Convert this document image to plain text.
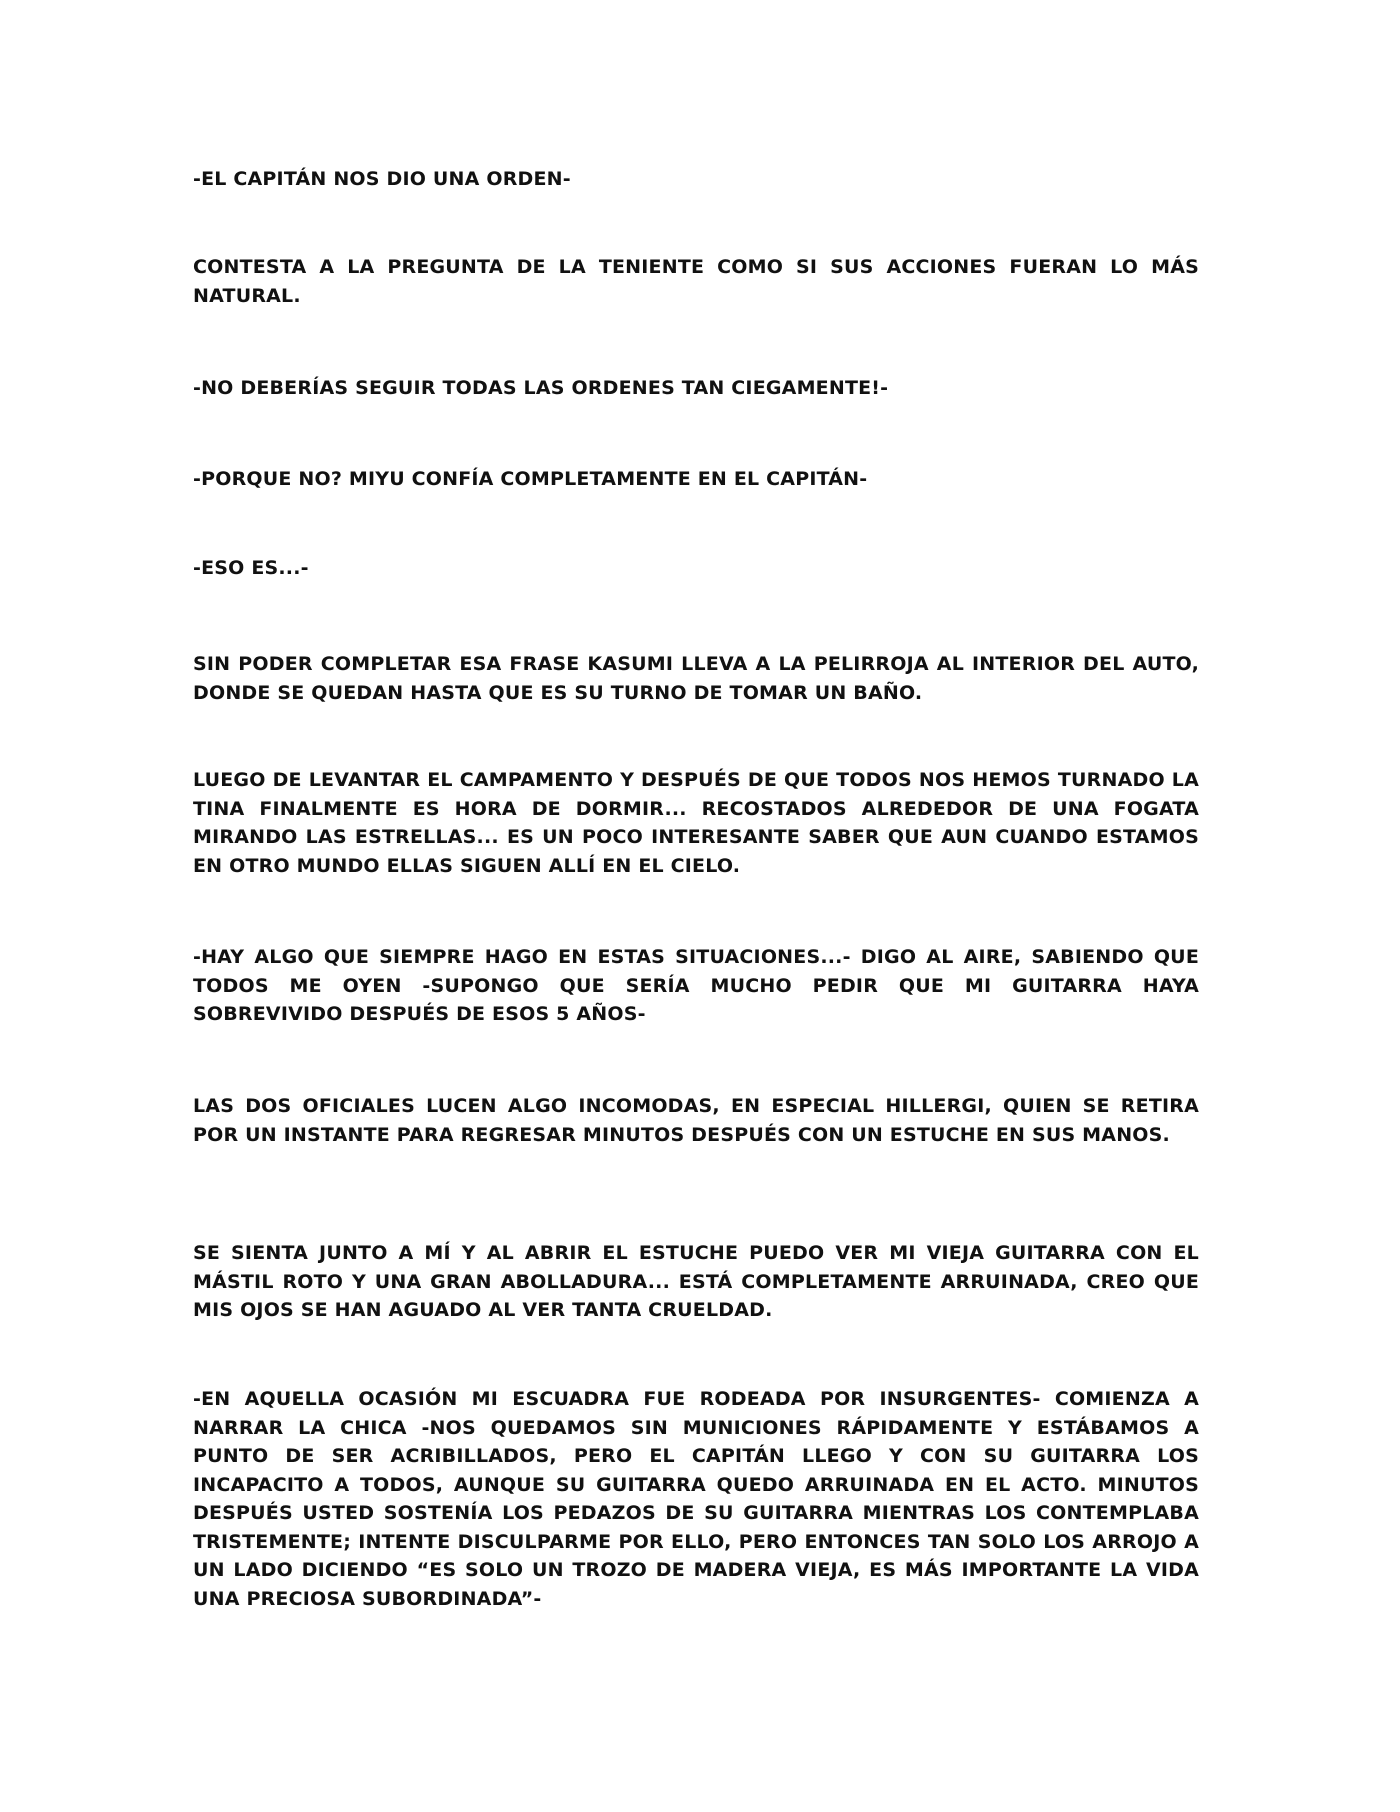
-EL CAPITÁN NOS DIO UNA ORDEN-

CONTESTA A LA PREGUNTA DE LA TENIENTE COMO SI SUS ACCIONES FUERAN LO MÁS NATURAL.

-NO DEBERÍAS SEGUIR TODAS LAS ORDENES TAN CIEGAMENTE!-

-PORQUE NO? MIYU CONFÍA COMPLETAMENTE EN EL CAPITÁN-

-ESO ES...-

SIN PODER COMPLETAR ESA FRASE KASUMI LLEVA A LA PELIRROJA AL INTERIOR DEL AUTO, DONDE SE QUEDAN HASTA QUE ES SU TURNO DE TOMAR UN BAÑO.

LUEGO DE LEVANTAR EL CAMPAMENTO Y DESPUÉS DE QUE TODOS NOS HEMOS TURNADO LA TINA FINALMENTE ES HORA DE DORMIR... RECOSTADOS ALREDEDOR DE UNA FOGATA MIRANDO LAS ESTRELLAS... ES UN POCO INTERESANTE SABER QUE AUN CUANDO ESTAMOS EN OTRO MUNDO ELLAS SIGUEN ALLÍ EN EL CIELO.

-HAY ALGO QUE SIEMPRE HAGO EN ESTAS SITUACIONES...- DIGO AL AIRE, SABIENDO QUE TODOS ME OYEN -SUPONGO QUE SERÍA MUCHO PEDIR QUE MI GUITARRA HAYA SOBREVIVIDO DESPUÉS DE ESOS 5 AÑOS-

LAS DOS OFICIALES LUCEN ALGO INCOMODAS, EN ESPECIAL HILLERGI, QUIEN SE RETIRA POR UN INSTANTE PARA REGRESAR MINUTOS DESPUÉS CON UN ESTUCHE EN SUS MANOS.

SE SIENTA JUNTO A MÍ Y AL ABRIR EL ESTUCHE PUEDO VER MI VIEJA GUITARRA CON EL MÁSTIL ROTO Y UNA GRAN ABOLLADURA... ESTÁ COMPLETAMENTE ARRUINADA, CREO QUE MIS OJOS SE HAN AGUADO AL VER TANTA CRUELDAD.

-EN AQUELLA OCASIÓN MI ESCUADRA FUE RODEADA POR INSURGENTES- COMIENZA A NARRAR LA CHICA -NOS QUEDAMOS SIN MUNICIONES RÁPIDAMENTE Y ESTÁBAMOS A PUNTO DE SER ACRIBILLADOS, PERO EL CAPITÁN LLEGO Y CON SU GUITARRA LOS INCAPACITO A TODOS, AUNQUE SU GUITARRA QUEDO ARRUINADA EN EL ACTO. MINUTOS DESPUÉS USTED SOSTENÍA LOS PEDAZOS DE SU GUITARRA MIENTRAS LOS CONTEMPLABA TRISTEMENTE; INTENTE DISCULPARME POR ELLO, PERO ENTONCES TAN SOLO LOS ARROJO A UN LADO DICIENDO “ES SOLO UN TROZO DE MADERA VIEJA, ES MÁS IMPORTANTE LA VIDA UNA PRECIOSA SUBORDINADA”-
